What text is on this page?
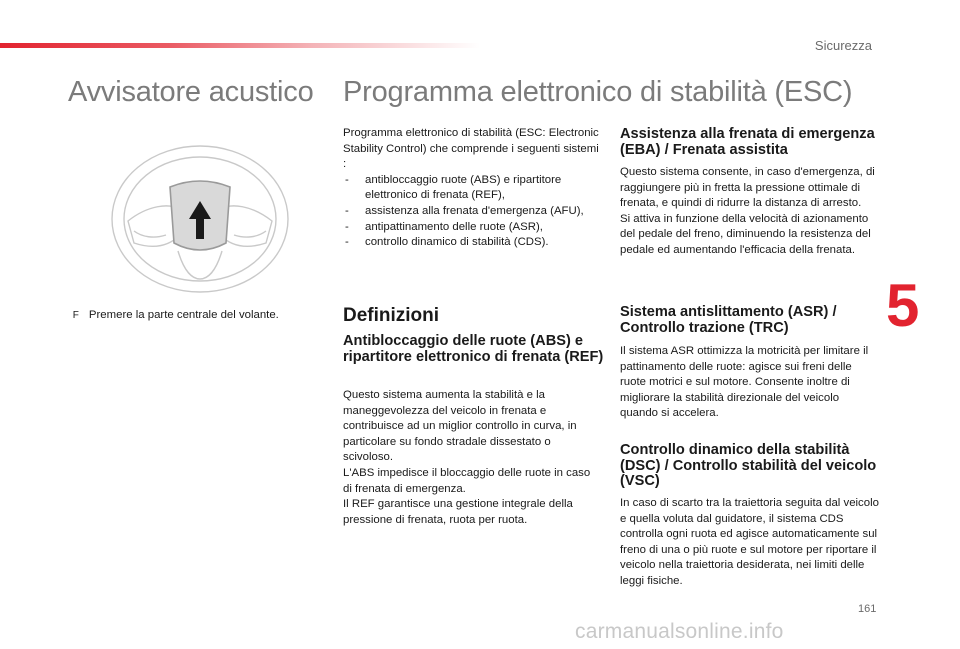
Sicurezza
Avvisatore acustico Programma elettronico di stabilità (ESC)
F Premere la parte centrale del volante.

Programma elettronico di stabilità (ESC: Electronic Stability Control) che comprende i seguenti sistemi :

- antibloccaggio ruote (ABS) e ripartitore elettronico di frenata (REF),
- assistenza alla frenata d'emergenza (AFU),
- antipattinamento delle ruote (ASR),
- controllo dinamico di stabilità (CDS).
Definizioni
Antibloccaggio delle ruote (ABS) e ripartitore elettronico di frenata (REF)

Questo sistema aumenta la stabilità e la maneggevolezza del veicolo in frenata e contribuisce ad un miglior controllo in curva, in particolare su fondo stradale dissestato o scivoloso.

L'ABS impedisce il bloccaggio delle ruote in caso di frenata di emergenza.

Il REF garantisce una gestione integrale della pressione di frenata, ruota per ruota.

Assistenza alla frenata di emergenza (EBA) / Frenata assistita

Questo sistema consente, in caso d'emergenza, di raggiungere più in fretta la pressione ottimale di frenata, e quindi di ridurre la distanza di arresto.

Si attiva in funzione della velocità di azionamento del pedale del freno, diminuendo la resistenza del pedale ed aumentando l'efficacia della frenata.

Sistema antislittamento (ASR) / Controllo trazione (TRC)

Il sistema ASR ottimizza la motricità per limitare il pattinamento delle ruote: agisce sui freni delle ruote motrici e sul motore. Consente inoltre di migliorare la stabilità direzionale del veicolo quando si accelera.

Controllo dinamico della stabilità (DSC) / Controllo stabilità del veicolo (VSC)

In caso di scarto tra la traiettoria seguita dal veicolo e quella voluta dal guidatore, il sistema CDS controlla ogni ruota ed agisce automaticamente sul freno di una o più ruote e sul motore per riportare il veicolo nella traiettoria desiderata, nei limiti delle leggi fisiche.

5
161
carmanualsonline.info
